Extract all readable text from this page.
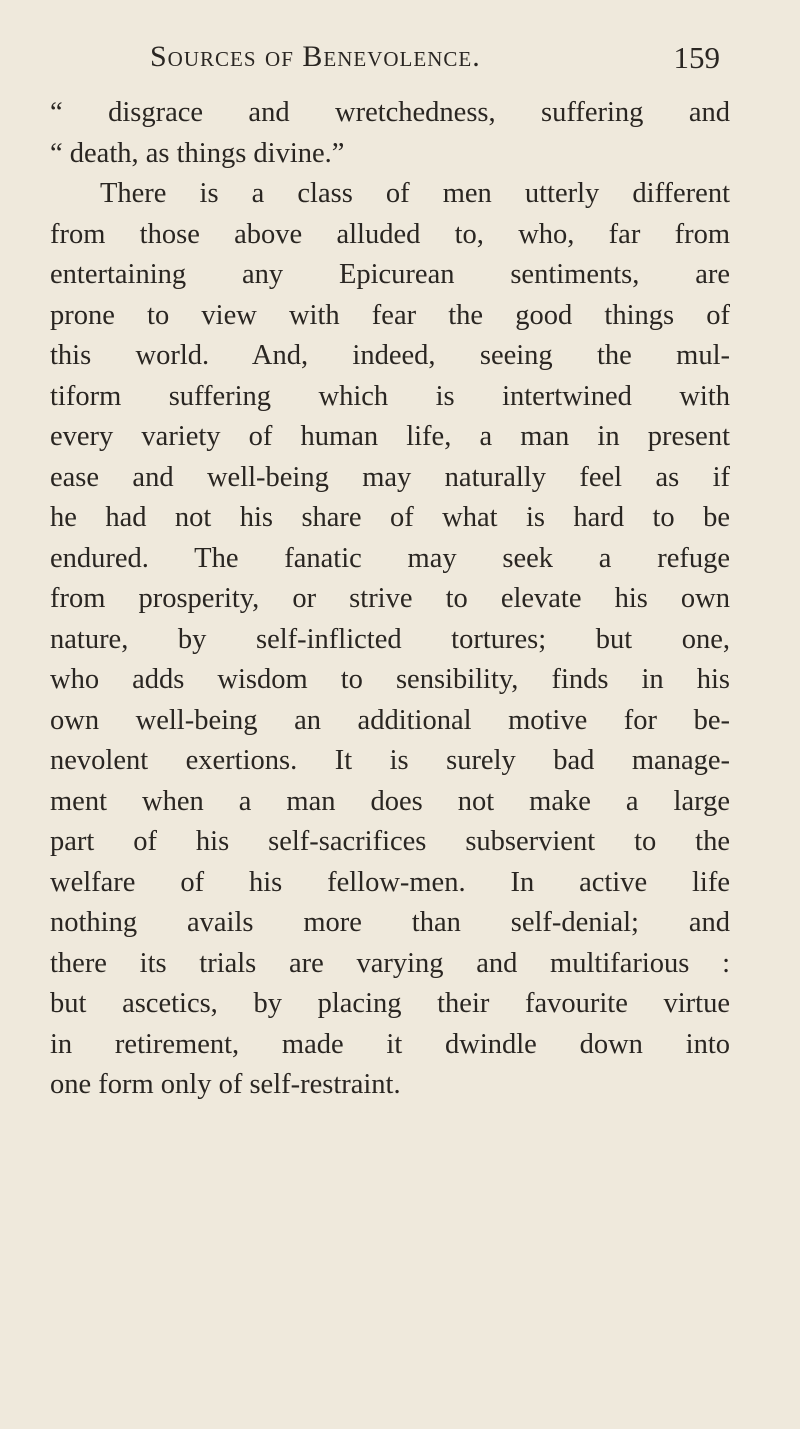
Sources of Benevolence.	159
“ disgrace and wretchedness, suffering and
“ death, as things divine.”
There is a class of men utterly different
from those above alluded to, who, far from
entertaining any Epicurean sentiments, are
prone to view with fear the good things of
this world. And, indeed, seeing the mul-
tiform suffering which is intertwined with
every variety of human life, a man in present
ease and well-being may naturally feel as if
he had not his share of what is hard to be
endured. The fanatic may seek a refuge
from prosperity, or strive to elevate his own
nature, by self-inflicted tortures; but one,
who adds wisdom to sensibility, finds in his
own well-being an additional motive for be-
nevolent exertions. It is surely bad manage-
ment when a man does not make a large
part of his self-sacrifices subservient to the
welfare of his fellow-men. In active life
nothing avails more than self-denial; and
there its trials are varying and multifarious :
but ascetics, by placing their favourite virtue
in retirement, made it dwindle down into
one form only of self-restraint.
